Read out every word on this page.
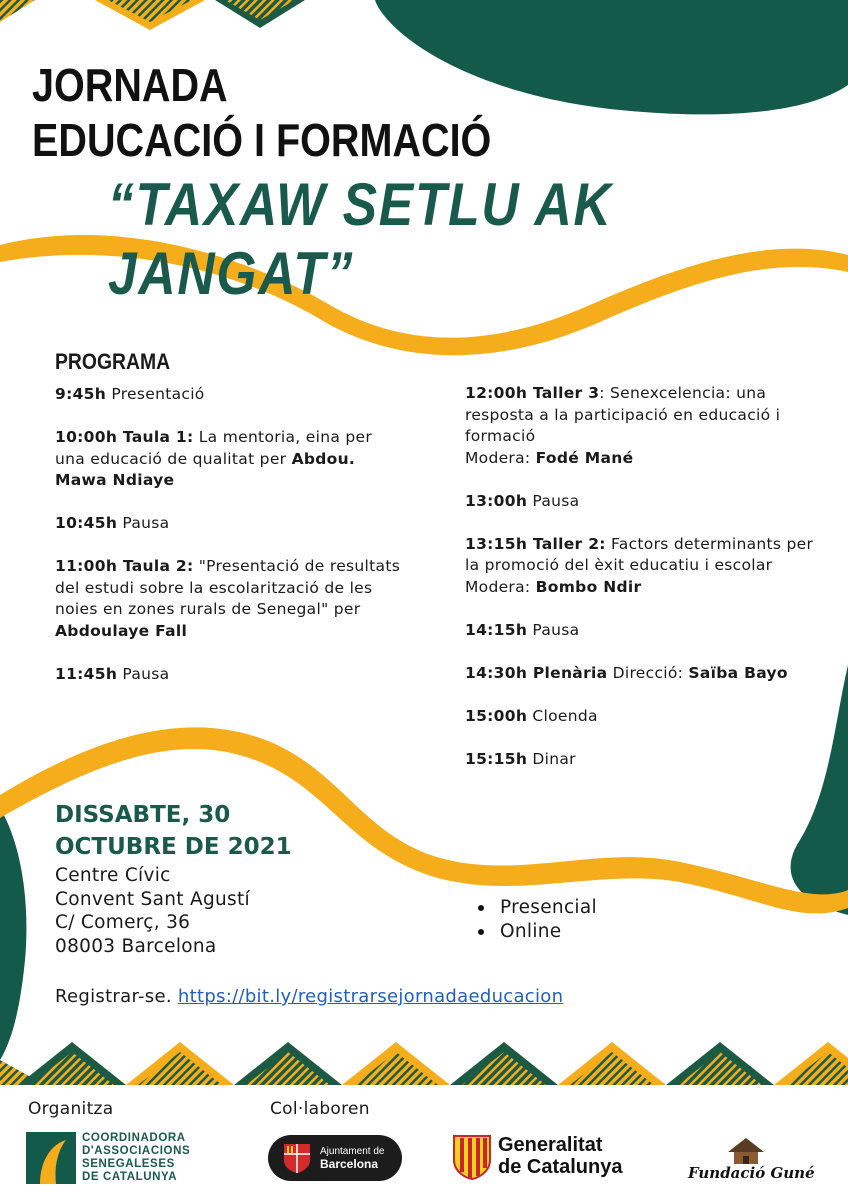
JORNADA
EDUCACIÓ I FORMACIÓ
“TAXAW SETLU AK JANGAT”
PROGRAMA

9:45h Presentació

10:00h Taula 1: La mentoria, eina per una educació de qualitat per Abdou. Mawa Ndiaye

10:45h Pausa

11:00h Taula 2: "Presentació de resultats del estudi sobre la escolarització de les noies en zones rurals de Senegal" per Abdoulaye Fall

11:45h Pausa

12:00h Taller 3: Senexcelencia: una resposta a la participació en educació i formació
Modera: Fodé Mané

13:00h Pausa

13:15h Taller 2: Factors determinants per la promoció del èxit educatiu i escolar
Modera: Bombo Ndir

14:15h Pausa

14:30h Plenària Direcció: Saïba Bayo

15:00h Cloenda

15:15h Dinar

DISSABTE, 30
OCTUBRE DE 2021
Centre Cívic
Convent Sant Agustí
C/ Comerç, 36
08003 Barcelona
Presencial
Online
Registrar-se. https://bit.ly/registrarsejornadaeducacion
Organitza	Col·laboren
COORDINADORA
D'ASSOCIACIONS
SENEGALESES
DE CATALUNYA
Ajuntament de
Barcelona
Generalitat
de Catalunya	Fundació Guné
